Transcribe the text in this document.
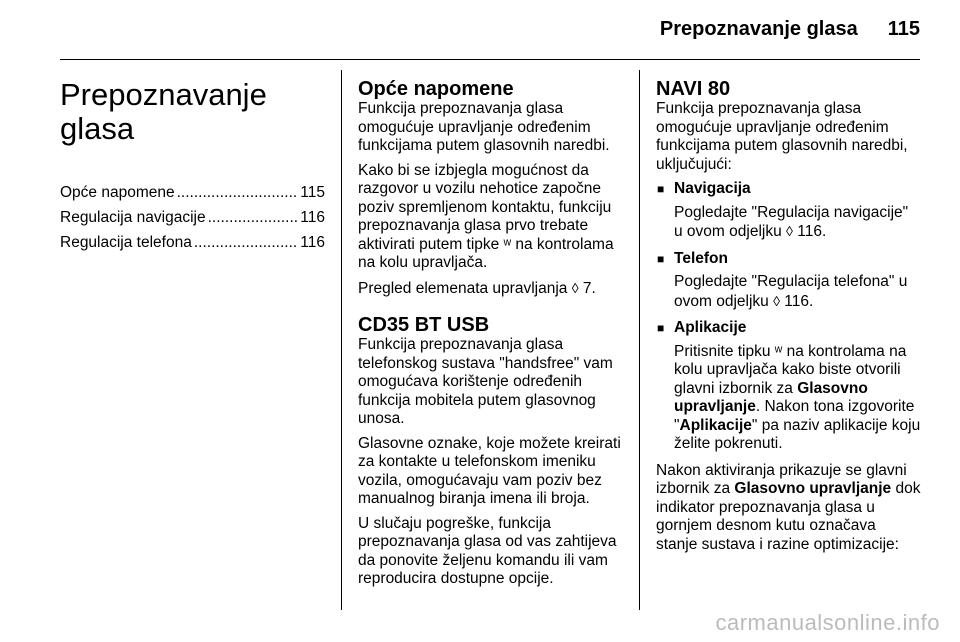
Prepoznavanje glasa 115
Prepoznavanje glasa
Opće napomene .....	115
Regulacija navigacije .....	116
Regulacija telefona .....	116
Opće napomene

Funkcija prepoznavanja glasa omogućuje upravljanje određenim funkcijama putem glasovnih naredbi.

Kako bi se izbjegla mogućnost da razgovor u vozilu nehotice započne poziv spremljenom kontaktu, funkciju prepoznavanja glasa prvo trebate aktivirati putem tipke ʷ na kontrolama na kolu upravljača.

Pregled elemenata upravljanja ◊ 7.

CD35 BT USB

Funkcija prepoznavanja glasa telefonskog sustava "handsfree" vam omogućava korištenje određenih funkcija mobitela putem glasovnog unosa.

Glasovne oznake, koje možete kreirati za kontakte u telefonskom imeniku vozila, omogućavaju vam poziv bez manualnog biranja imena ili broja.

U slučaju pogreške, funkcija prepoznavanja glasa od vas zahtijeva da ponovite željenu komandu ili vam reproducira dostupne opcije.

NAVI 80

Funkcija prepoznavanja glasa omogućuje upravljanje određenim funkcijama putem glasovnih naredbi, uključujući:

■ Navigacija

Pogledajte "Regulacija navigacije" u ovom odjeljku ◊ 116.

■ Telefon

Pogledajte "Regulacija telefona" u ovom odjeljku ◊ 116.

■ Aplikacije

Pritisnite tipku ʷ na kontrolama na kolu upravljača kako biste otvorili glavni izbornik za Glasovno upravljanje. Nakon tona izgovorite "Aplikacije" pa naziv aplikacije koju želite pokrenuti.

Nakon aktiviranja prikazuje se glavni izbornik za Glasovno upravljanje dok indikator prepoznavanja glasa u gornjem desnom kutu označava stanje sustava i razine optimizacije:

carmanualsonline.info
